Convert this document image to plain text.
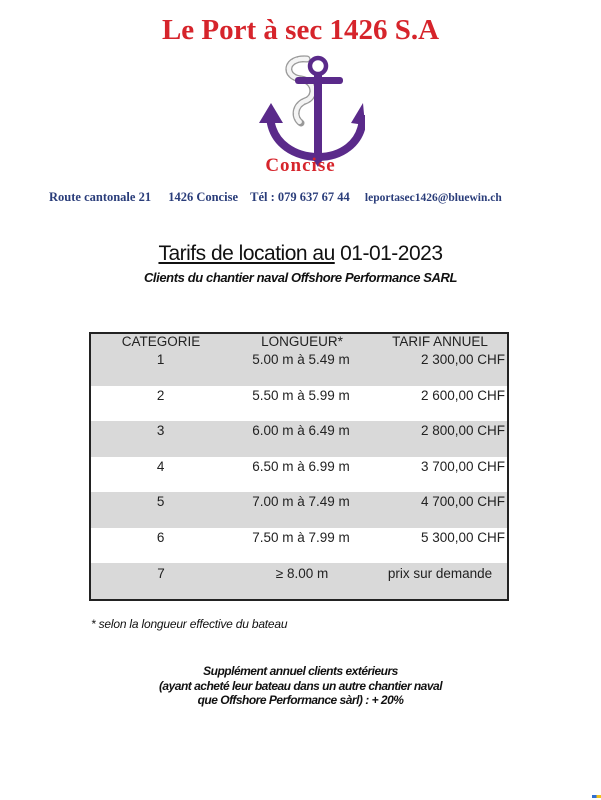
Le Port à sec 1426 S.A
Concise
Route cantonale 21 1426 Concise Tél : 079 637 67 44 leportasec1426@bluewin.ch
Tarifs de location au 01-01-2023
Clients du chantier naval Offshore Performance SARL
CATEGORIE	LONGUEUR*	TARIF ANNUEL
1	5.00 m à 5.49 m	2 300,00 CHF
2	5.50 m à 5.99 m	2 600,00 CHF
3	6.00 m à 6.49 m	2 800,00 CHF
4	6.50 m à 6.99 m	3 700,00 CHF
5	7.00 m à 7.49 m	4 700,00 CHF
6	7.50 m à 7.99 m	5 300,00 CHF
7	≥ 8.00 m	prix sur demande
* selon la longueur effective du bateau
Supplément annuel clients extérieurs
(ayant acheté leur bateau dans un autre chantier naval
que Offshore Performance sàrl) : + 20%
